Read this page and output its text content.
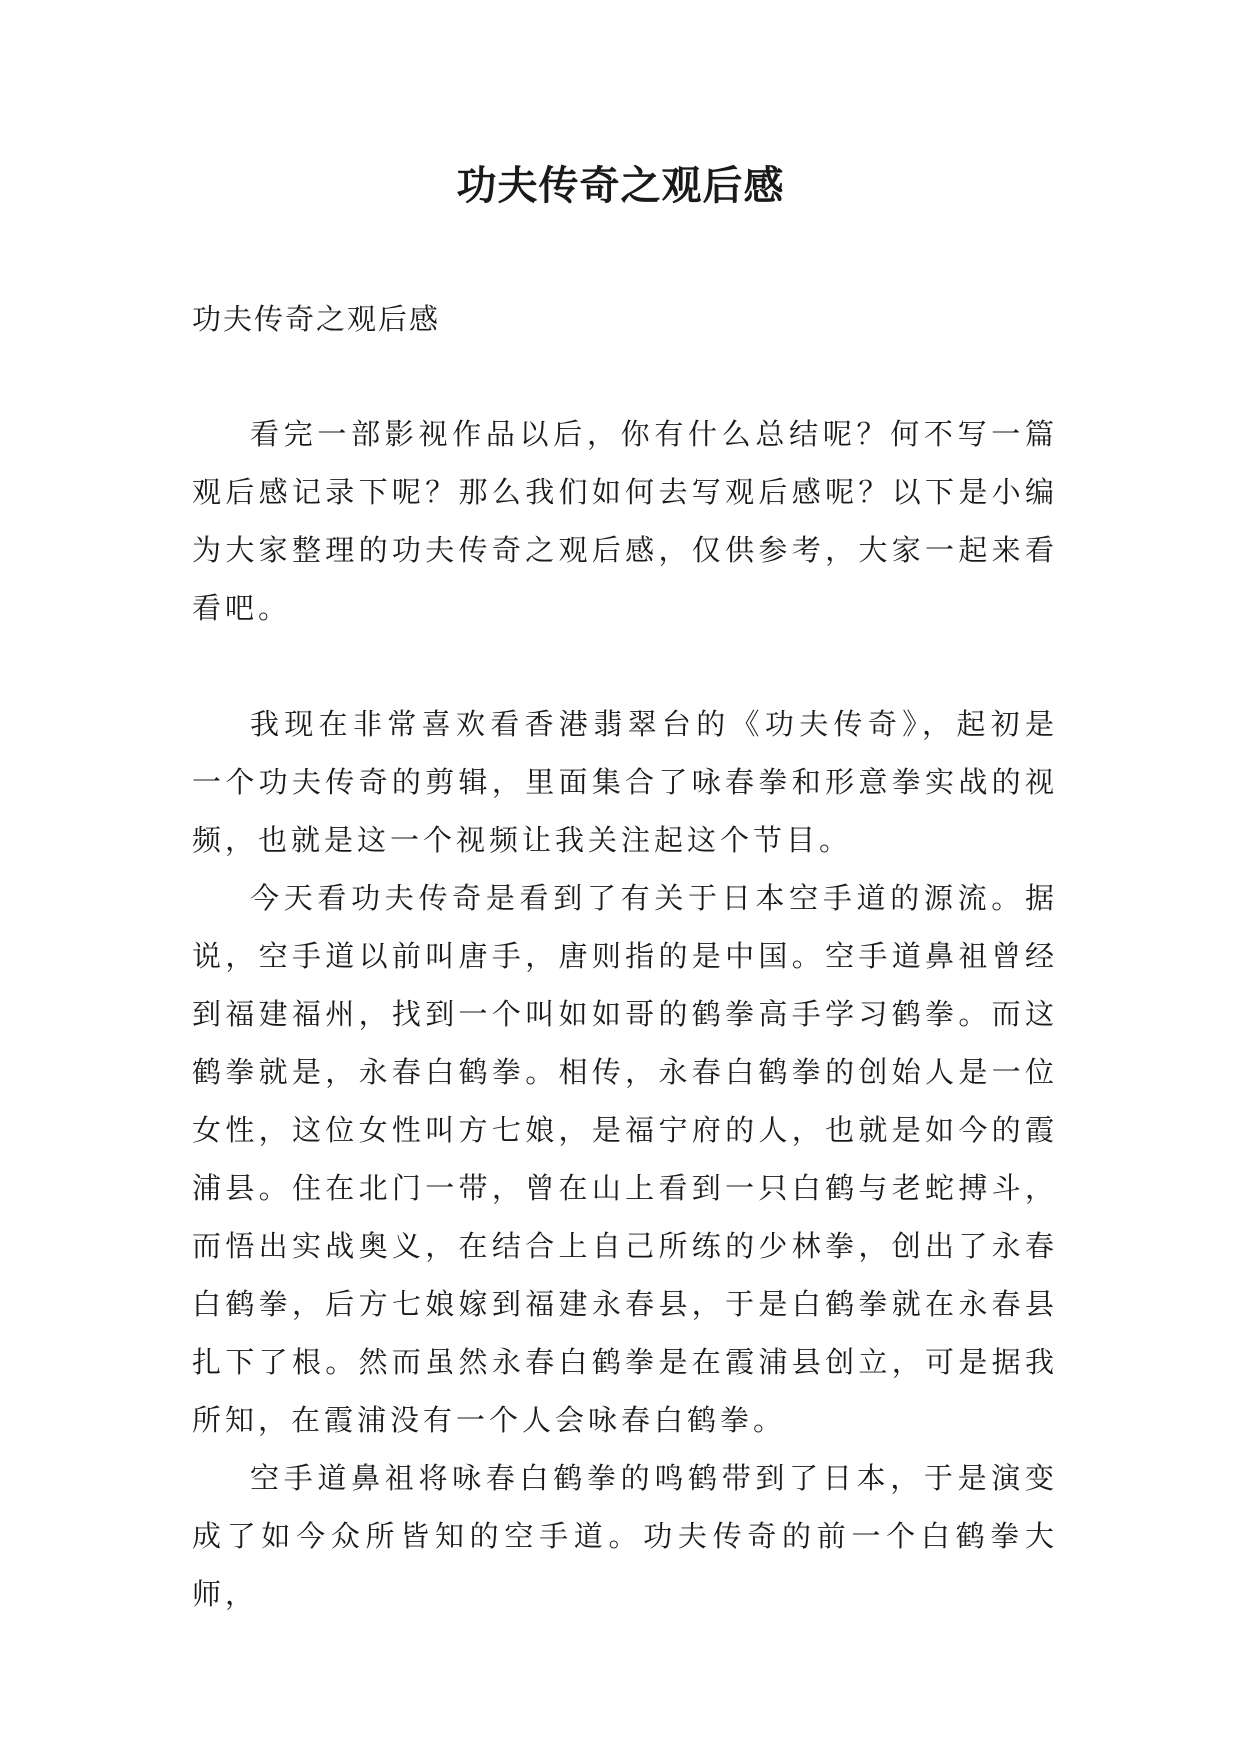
功夫传奇之观后感
功夫传奇之观后感

看完一部影视作品以后，你有什么总结呢？何不写一篇观后感记录下呢？那么我们如何去写观后感呢？以下是小编为大家整理的功夫传奇之观后感，仅供参考，大家一起来看看吧。

我现在非常喜欢看香港翡翠台的《功夫传奇》，起初是一个功夫传奇的剪辑，里面集合了咏春拳和形意拳实战的视频，也就是这一个视频让我关注起这个节目。

今天看功夫传奇是看到了有关于日本空手道的源流。据说，空手道以前叫唐手，唐则指的是中国。空手道鼻祖曾经到福建福州，找到一个叫如如哥的鹤拳高手学习鹤拳。而这鹤拳就是，永春白鹤拳。相传，永春白鹤拳的创始人是一位女性，这位女性叫方七娘，是福宁府的人，也就是如今的霞浦县。住在北门一带，曾在山上看到一只白鹤与老蛇搏斗，而悟出实战奥义，在结合上自己所练的少林拳，创出了永春白鹤拳，后方七娘嫁到福建永春县，于是白鹤拳就在永春县扎下了根。然而虽然永春白鹤拳是在霞浦县创立，可是据我所知，在霞浦没有一个人会咏春白鹤拳。

空手道鼻祖将咏春白鹤拳的鸣鹤带到了日本，于是演变成了如今众所皆知的空手道。功夫传奇的前一个白鹤拳大师，
